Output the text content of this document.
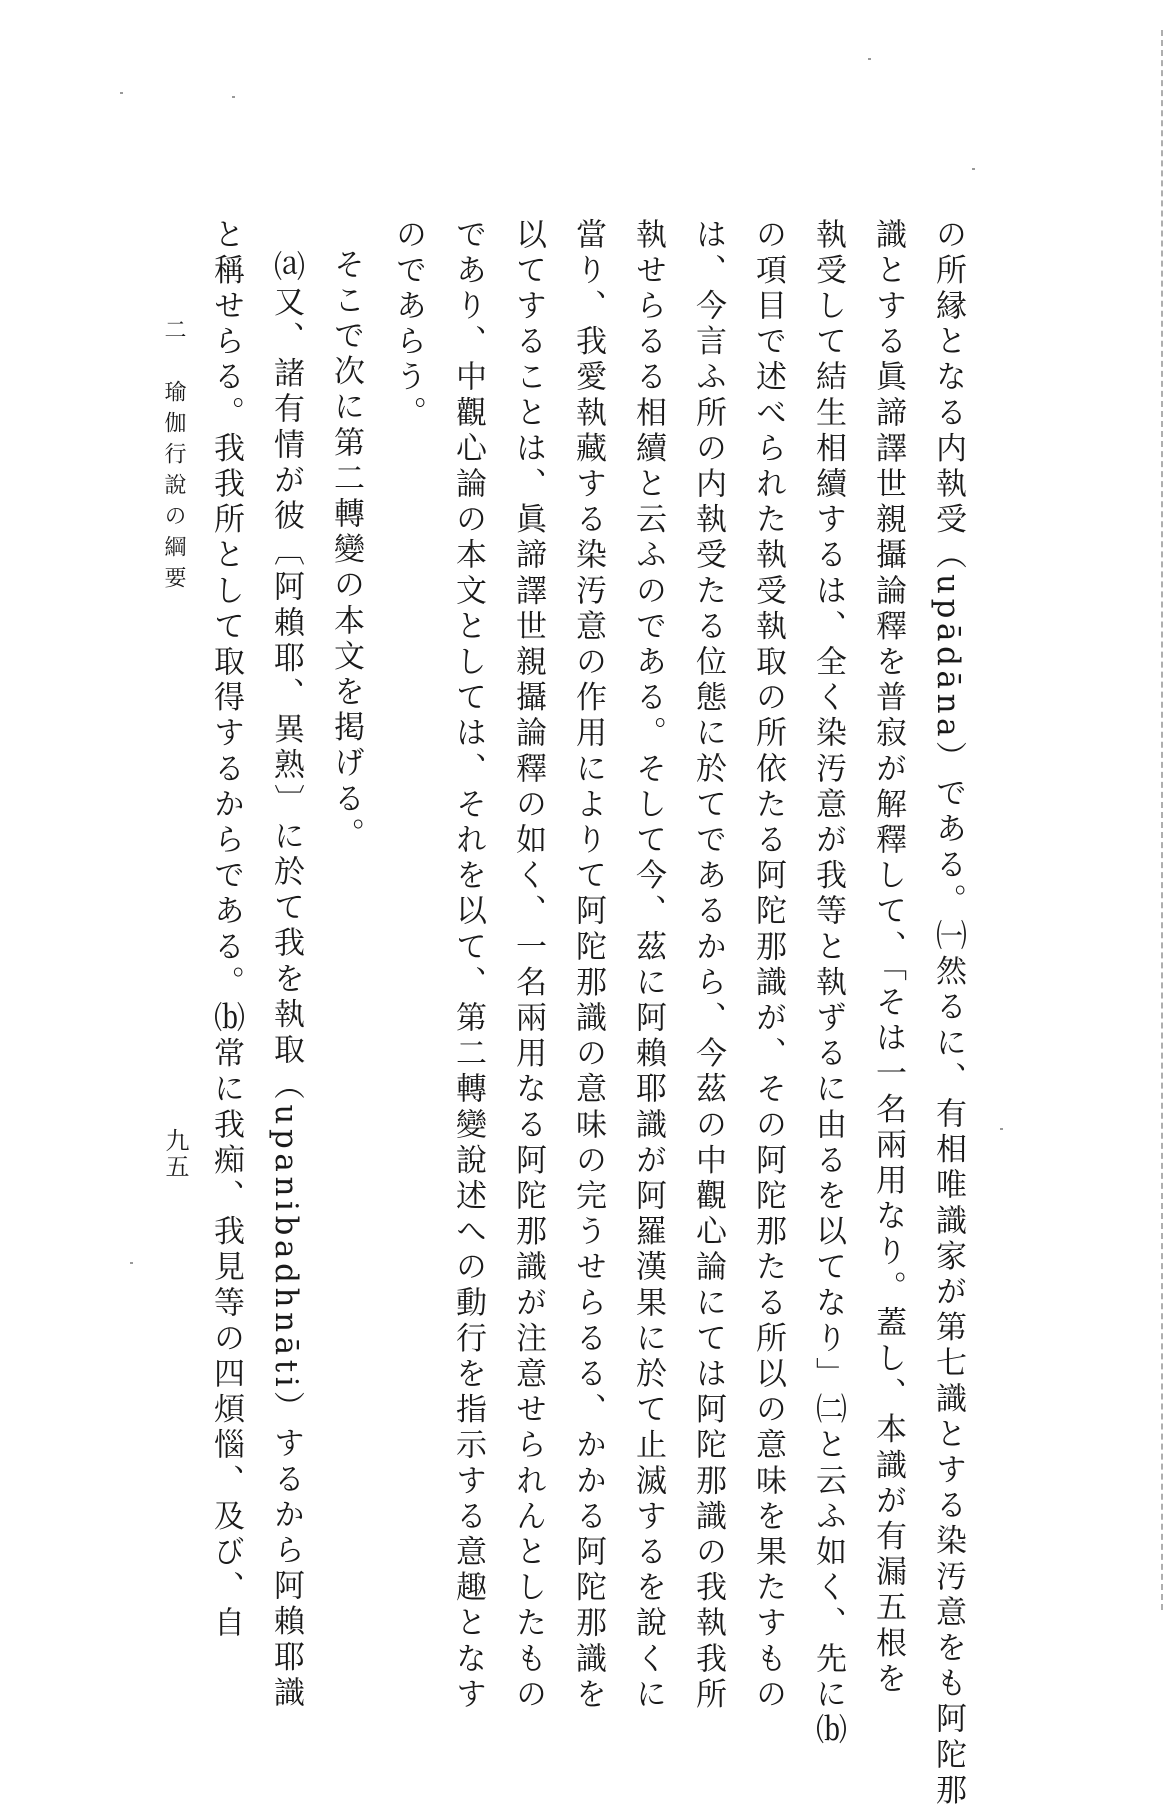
の所縁となる内執受（upādāna）である。㈠然るに、有相唯識家が第七識とする染汚意をも阿陀那
識とする眞諦譯世親攝論釋を普寂が解釋して、「そは一名兩用なり。蓋し、本識が有漏五根を
執受して結生相續するは、全く染汚意が我等と執ずるに由るを以てなり」㈡と云ふ如く、先に⒝
の項目で述べられた執受執取の所依たる阿陀那識が、その阿陀那たる所以の意味を果たすもの
は、今言ふ所の内執受たる位態に於てであるから、今茲の中觀心論にては阿陀那識の我執我所
執せらるる相續と云ふのである。そして今、茲に阿賴耶識が阿羅漢果に於て止滅するを說くに
當り、我愛執藏する染汚意の作用によりて阿陀那識の意味の完うせらるる、かかる阿陀那識を
以てすることは、眞諦譯世親攝論釋の如く、一名兩用なる阿陀那識が注意せられんとしたもの
であり、中觀心論の本文としては、それを以て、第二轉變說述への動行を指示する意趣となす
のであらう。
そこで次に第二轉變の本文を掲げる。
⒜又、諸有情が彼〔阿賴耶、異熟〕に於て我を執取（upanibadhnāti）するから阿賴耶識
と稱せらる。我我所として取得するからである。⒝常に我痴、我見等の四煩惱、及び、自
二　瑜伽行說の綱要
九五
